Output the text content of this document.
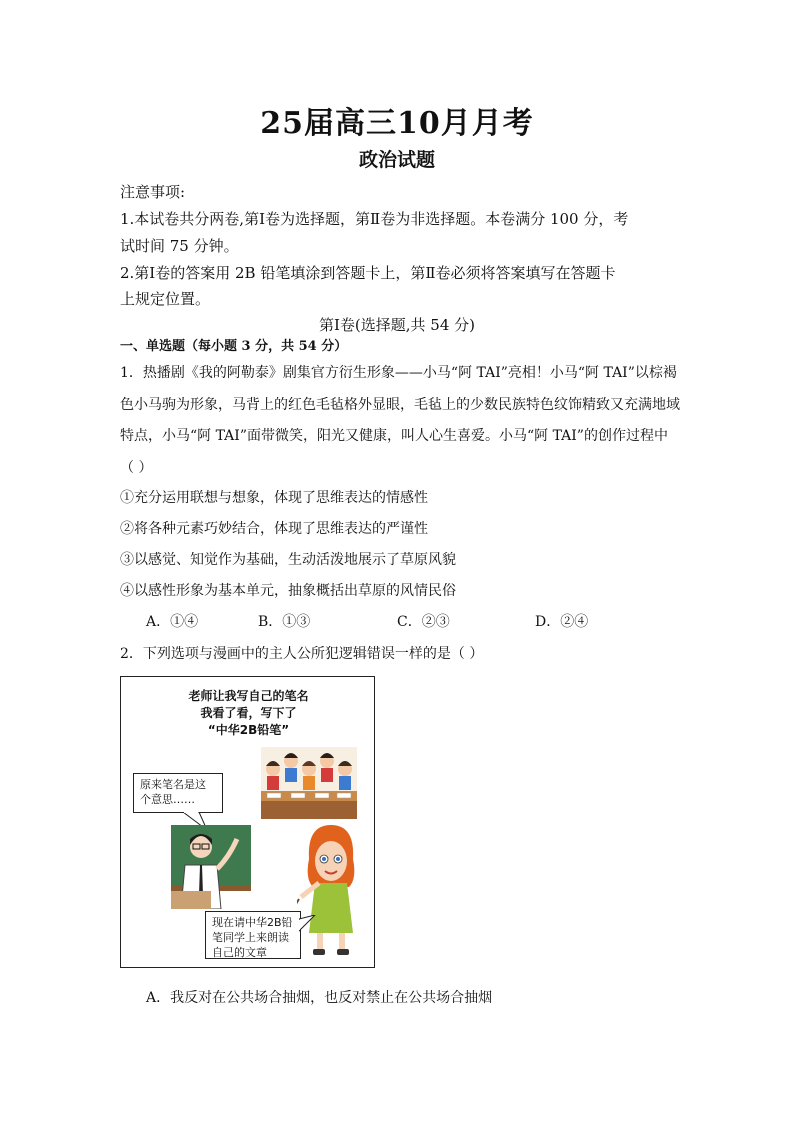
25届高三10月月考
政治试题
注意事项:
1.本试卷共分两卷,第Ⅰ卷为选择题，第Ⅱ卷为非选择题。本卷满分 100 分，考
试时间 75 分钟。
2.第Ⅰ卷的答案用 2B 铅笔填涂到答题卡上，第Ⅱ卷必须将答案填写在答题卡
上规定位置。
第Ⅰ卷(选择题,共 54 分)
一、单选题（每小题 3 分，共 54 分）
1．热播剧《我的阿勒泰》剧集官方衍生形象——小马“阿 TAI”亮相！小马“阿 TAI”以棕褐
色小马驹为形象，马背上的红色毛毡格外显眼，毛毡上的少数民族特色纹饰精致又充满地域
特点，小马“阿 TAI”面带微笑，阳光又健康，叫人心生喜爱。小马“阿 TAI”的创作过程中
（ ）
①充分运用联想与想象，体现了思维表达的情感性
②将各种元素巧妙结合，体现了思维表达的严谨性
③以感觉、知觉作为基础，生动活泼地展示了草原风貌
④以感性形象为基本单元，抽象概括出草原的风情民俗
A．①④	B．①③	C．②③	D．②④
2．下列选项与漫画中的主人公所犯逻辑错误一样的是（ ）
老师让我写自己的笔名
我看了看，写下了
“中华2B铅笔”
原来笔名是这个意思……
现在请中华2B铅笔同学上来朗读自己的文章
A．我反对在公共场合抽烟，也反对禁止在公共场合抽烟
